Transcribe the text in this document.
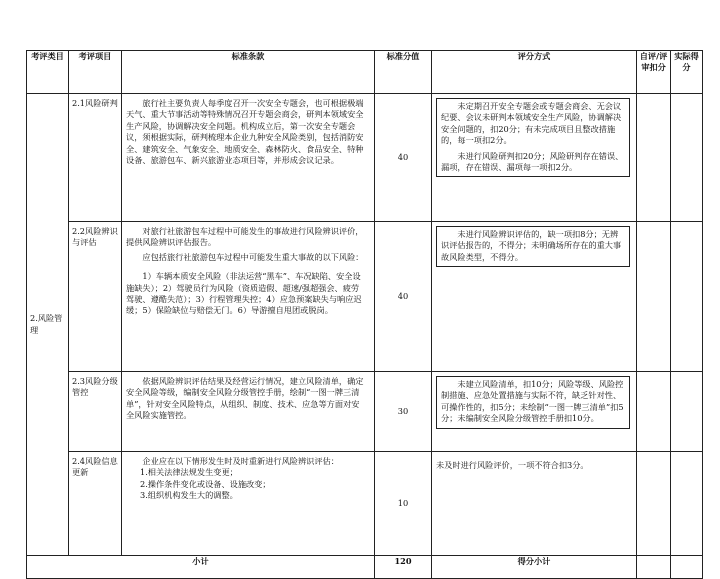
考评类目	考评项目	标准条款	标准分值	评分方式	自评/评审扣分	实际得分
2.风险管理	2.1风险研判	旅行社主要负责人每季度召开一次安全专题会，也可根据极端天气、重大节事活动等特殊情况召开专题会商会，研判本领域安全生产风险，协调解决安全问题。机构成立后，第一次安全专题会议，须根据实际，研判梳理本企业九种安全风险类别，包括消防安全、建筑安全、气象安全、地质安全、森林防火、食品安全、特种设备、旅游包车、新兴旅游业态项目等，并形成会议记录。	40	未定期召开安全专题会或专题会商会、无会议纪要、会议未研判本领域安全生产风险，协调解决安全问题的，扣20分；有未完成项目且整改措施的，每一项扣2分。

未进行风险研判扣20分；风险研判存在错误、漏项，存在错误、漏项每一项扣2分。		

	2.2风险辨识与评估	对旅行社旅游包车过程中可能发生的事故进行风险辨识评价，提供风险辨识评估报告。

应包括旅行社旅游包车过程中可能发生重大事故的以下风险：

1）车辆本质安全风险（非法运营“黑车”、车况缺陷、安全设施缺失）；2）驾驶员行为风险（资质造假、超速/强超强会、疲劳驾驶、遵酷失范）；3）行程管理失控；4）应急预案缺失与响应迟缓；5）保险缺位与赔偿无门。6）导游擅自甩团或脱岗。	40	未进行风险辨识评估的，缺一项扣8分；无辨识评估报告的，不得分；未明确场所存在的重大事故风险类型，不得分。		

	2.3风险分级管控	依据风险辨识评估结果及经营运行情况，建立风险清单，确定安全风险等级，编制安全风险分级管控手册，绘制“一图一牌三清单”，针对安全风险特点，从组织、制度、技术、应急等方面对安全风险实施管控。	30	未建立风险清单，扣10分；风险等级、风险控制措施、应急处置措施与实际不符，缺乏针对性、可操作性的，扣5分；未绘制“一图一牌三清单”扣5分；未编制安全风险分级管控手册扣10分。		

	2.4风险信息更新	企业应在以下情形发生时及时重新进行风险辨识评估：

1.相关法律法规发生变更；

2.操作条件变化或设备、设施改变；

3.组织机构发生大的调整。	10	未及时进行风险评价，一项不符合扣3分。		

小计			120	得分小计		
